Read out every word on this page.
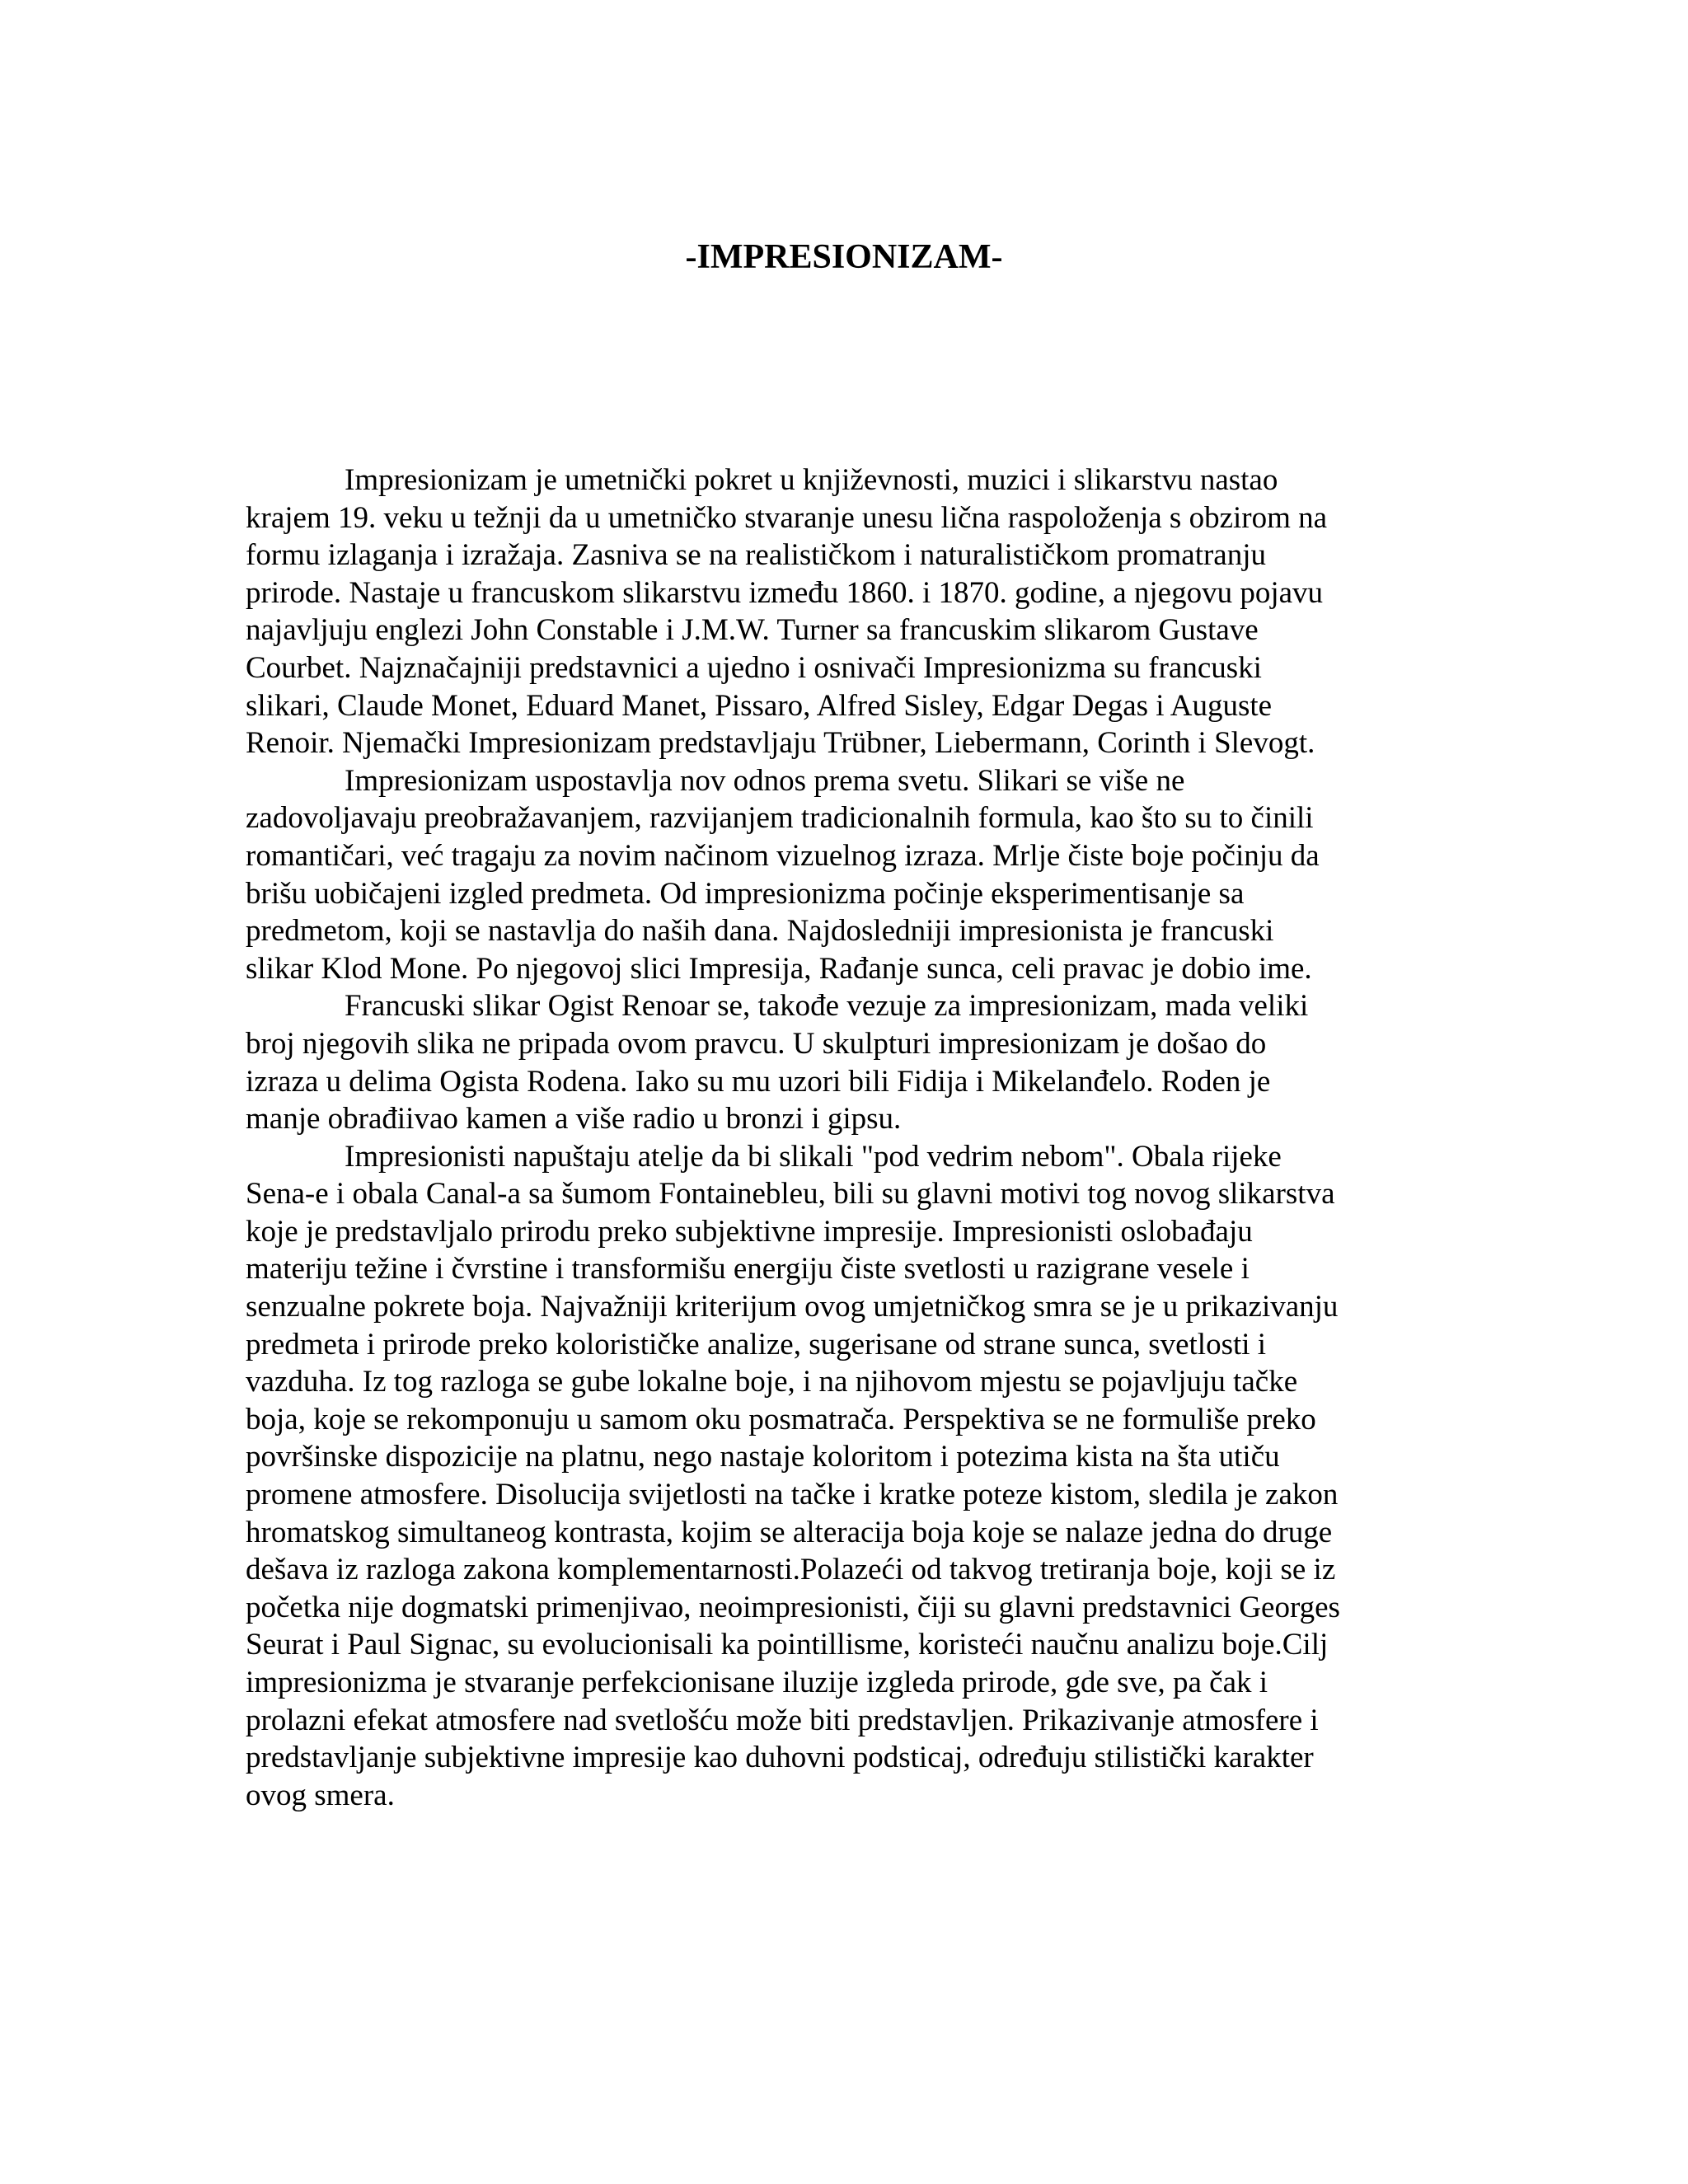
-IMPRESIONIZAM-
Impresionizam je umetnički pokret u književnosti, muzici i slikarstvu nastao
krajem 19. veku u težnji da u umetničko stvaranje unesu lična raspoloženja s obzirom na
formu izlaganja i izražaja. Zasniva se na realističkom i naturalističkom promatranju
prirode. Nastaje u francuskom slikarstvu između 1860. i 1870. godine, a njegovu pojavu
najavljuju englezi John Constable i J.M.W. Turner sa francuskim slikarom Gustave
Courbet. Najznačajniji predstavnici a ujedno i osnivači Impresionizma su francuski
slikari, Claude Monet, Eduard Manet, Pissaro, Alfred Sisley, Edgar Degas i Auguste
Renoir. Njemački Impresionizam predstavljaju Trübner, Liebermann, Corinth i Slevogt.
Impresionizam uspostavlja nov odnos prema svetu. Slikari se više ne
zadovoljavaju preobražavanjem, razvijanjem tradicionalnih formula, kao što su to činili
romantičari, već tragaju za novim načinom vizuelnog izraza. Mrlje čiste boje počinju da
brišu uobičajeni izgled predmeta. Od impresionizma počinje eksperimentisanje sa
predmetom, koji se nastavlja do naših dana. Najdosledniji impresionista je francuski
slikar Klod Mone. Po njegovoj slici Impresija, Rađanje sunca, celi pravac je dobio ime.
Francuski slikar Ogist Renoar se, takođe vezuje za impresionizam, mada veliki
broj njegovih slika ne pripada ovom pravcu. U skulpturi impresionizam je došao do
izraza u delima Ogista Rodena. Iako su mu uzori bili Fidija i Mikelanđelo. Roden je
manje obrađiivao kamen a više radio u bronzi i gipsu.
Impresionisti napuštaju atelje da bi slikali "pod vedrim nebom". Obala rijeke
Sena-e i obala Canal-a sa šumom Fontainebleu, bili su glavni motivi tog novog slikarstva
koje je predstavljalo prirodu preko subjektivne impresije. Impresionisti oslobađaju
materiju težine i čvrstine i transformišu energiju čiste svetlosti u razigrane vesele i
senzualne pokrete boja. Najvažniji kriterijum ovog umjetničkog smra se je u prikazivanju
predmeta i prirode preko kolorističke analize, sugerisane od strane sunca, svetlosti i
vazduha. Iz tog razloga se gube lokalne boje, i na njihovom mjestu se pojavljuju tačke
boja, koje se rekomponuju u samom oku posmatrača. Perspektiva se ne formuliše preko
površinske dispozicije na platnu, nego nastaje koloritom i potezima kista na šta utiču
promene atmosfere. Disolucija svijetlosti na tačke i kratke poteze kistom, sledila je zakon
hromatskog simultaneog kontrasta, kojim se alteracija boja koje se nalaze jedna do druge
dešava iz razloga zakona komplementarnosti.Polazeći od takvog tretiranja boje, koji se iz
početka nije dogmatski primenjivao, neoimpresionisti, čiji su glavni predstavnici Georges
Seurat i Paul Signac, su evolucionisali ka pointillisme, koristeći naučnu analizu boje.Cilj
impresionizma je stvaranje perfekcionisane iluzije izgleda prirode, gde sve, pa čak i
prolazni efekat atmosfere nad svetlošću može biti predstavljen. Prikazivanje atmosfere i
predstavljanje subjektivne impresije kao duhovni podsticaj, određuju stilistički karakter
ovog smera.
